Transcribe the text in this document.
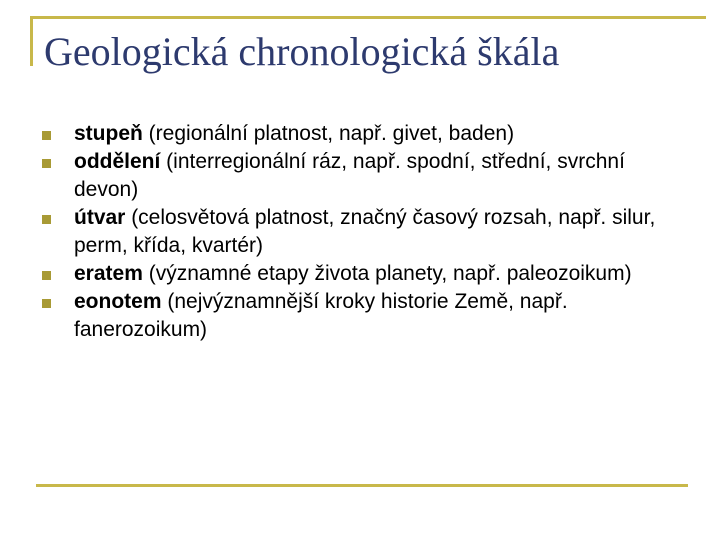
Geologická chronologická škála
stupeň (regionální platnost, např. givet, baden)
oddělení (interregionální ráz, např. spodní, střední, svrchní devon)
útvar (celosvětová platnost, značný časový rozsah, např. silur, perm, křída, kvartér)
eratem (významné etapy života planety, např. paleozoikum)
eonotem (nejvýznamnější kroky historie Země, např. fanerozoikum)
